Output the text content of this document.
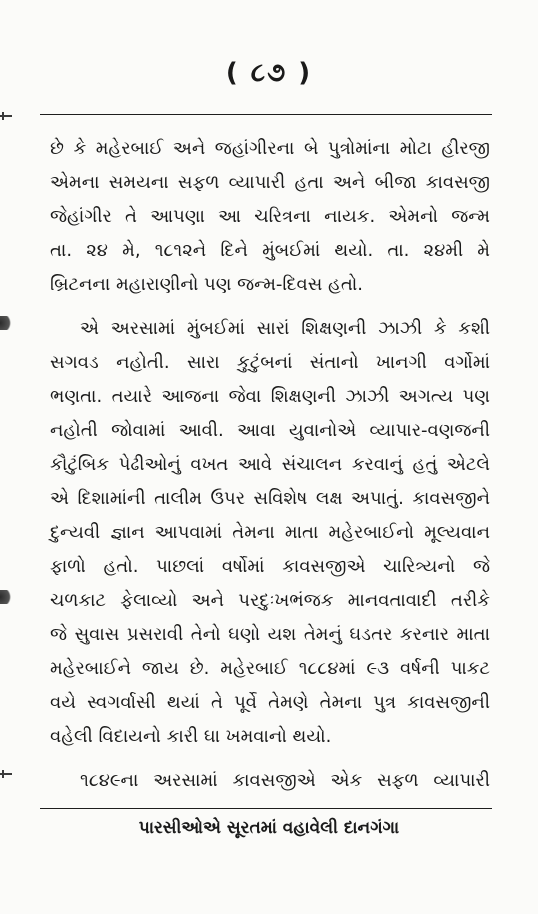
( ૮૭ )
છે કે મહેરબાઈ અને જહાંગીરના બે પુત્રોમાંના મોટા હીરજી
એમના સમયના સફળ વ્યાપારી હતા અને બીજા કાવસજી
જેહાંગીર તે આપણા આ ચરિત્રના નાયક. એમનો જન્મ
તા. ૨૪ મે, ૧૮૧૨ને દિને મુંબઈમાં થયો. તા. ૨૪મી મે
બ્રિટનના મહારાણીનો પણ જન્મ-દિવસ હતો.
એ અરસામાં મુંબઈમાં સારાં શિક્ષણની ઝાઝી કે કશી
સગવડ નહોતી. સારા કુટુંબનાં સંતાનો ખાનગી વર્ગોમાં
ભણતા. તયારે આજના જેવા શિક્ષણની ઝાઝી અગત્ય પણ
નહોતી જોવામાં આવી. આવા યુવાનોએ વ્યાપાર-વણજની
કૌટુંબિક પેઢીઓનું વખત આવે સંચાલન કરવાનું હતું એટલે
એ દિશામાંની તાલીમ ઉપર સવિશેષ લક્ષ અપાતું. કાવસજીને
દુન્યવી જ્ઞાન આપવામાં તેમના માતા મહેરબાઈનો મૂલ્યવાન
ફાળો હતો. પાછલાં વર્ષોમાં કાવસજીએ ચારિત્ર્યનો જે
ચળકાટ ફેલાવ્યો અને પરદુઃખભંજક માનવતાવાદી તરીકે
જે સુવાસ પ્રસરાવી તેનો ઘણો યશ તેમનું ઘડતર કરનાર માતા
મહેરબાઈને જાય છે. મહેરબાઈ ૧૮૮૪માં ૯૩ વર્ષની પાકટ
વયે સ્વગર્વાસી થયાં તે પૂર્વે તેમણે તેમના પુત્ર કાવસજીની
વહેલી વિદાયનો કારી ઘા ખમવાનો થયો.
૧૮૪૯ના અરસામાં કાવસજીએ એક સફળ વ્યાપારી
પારસીઓએ સૂરતમાં વહાવેલી દાનગંગા
